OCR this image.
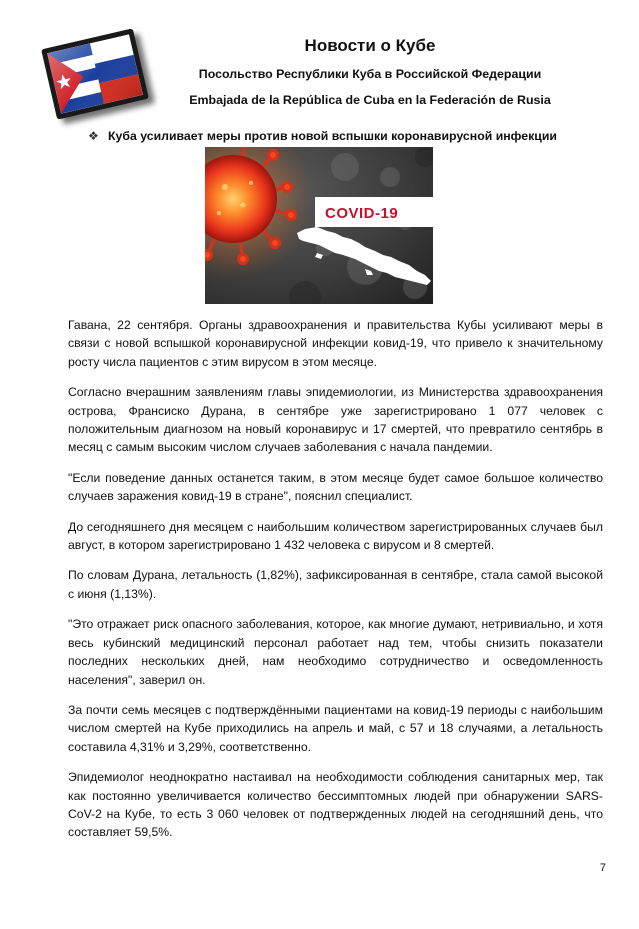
Новости о Кубе

Посольство Республики Куба в Российской Федерации

Embajada de la República de Cuba en la Federación de Rusia

❖ Куба усиливает меры против новой вспышки коронавирусной инфекции
COVID-19

Гавана, 22 сентября. Органы здравоохранения и правительства Кубы усиливают меры в связи с новой вспышкой коронавирусной инфекции ковид-19, что привело к значительному росту числа пациентов с этим вирусом в этом месяце.

Согласно вчерашним заявлениям главы эпидемиологии, из Министерства здравоохранения острова, Франсиско Дурана, в сентябре уже зарегистрировано 1 077 человек с положительным диагнозом на новый коронавирус и 17 смертей, что превратило сентябрь в месяц с самым высоким числом случаев заболевания с начала пандемии.

"Если поведение данных останется таким, в этом месяце будет самое большое количество случаев заражения ковид-19 в стране", пояснил специалист.

До сегодняшнего дня месяцем с наибольшим количеством зарегистрированных случаев был август, в котором зарегистрировано 1 432 человека с вирусом и 8 смертей.

По словам Дурана, летальность (1,82%), зафиксированная в сентябре, стала самой высокой с июня (1,13%).

"Это отражает риск опасного заболевания, которое, как многие думают, нетривиально, и хотя весь кубинский медицинский персонал работает над тем, чтобы снизить показатели последних нескольких дней, нам необходимо сотрудничество и осведомленность населения", заверил он.

За почти семь месяцев с подтверждёнными пациентами на ковид-19 периоды с наибольшим числом смертей на Кубе приходились на апрель и май, с 57 и 18 случаями, а летальность составила 4,31% и 3,29%, соответственно.

Эпидемиолог неоднократно настаивал на необходимости соблюдения санитарных мер, так как постоянно увеличивается количество бессимптомных людей при обнаружении SARS-CoV-2 на Кубе, то есть 3 060 человек от подтвержденных людей на сегодняшний день, что составляет 59,5%.

7
